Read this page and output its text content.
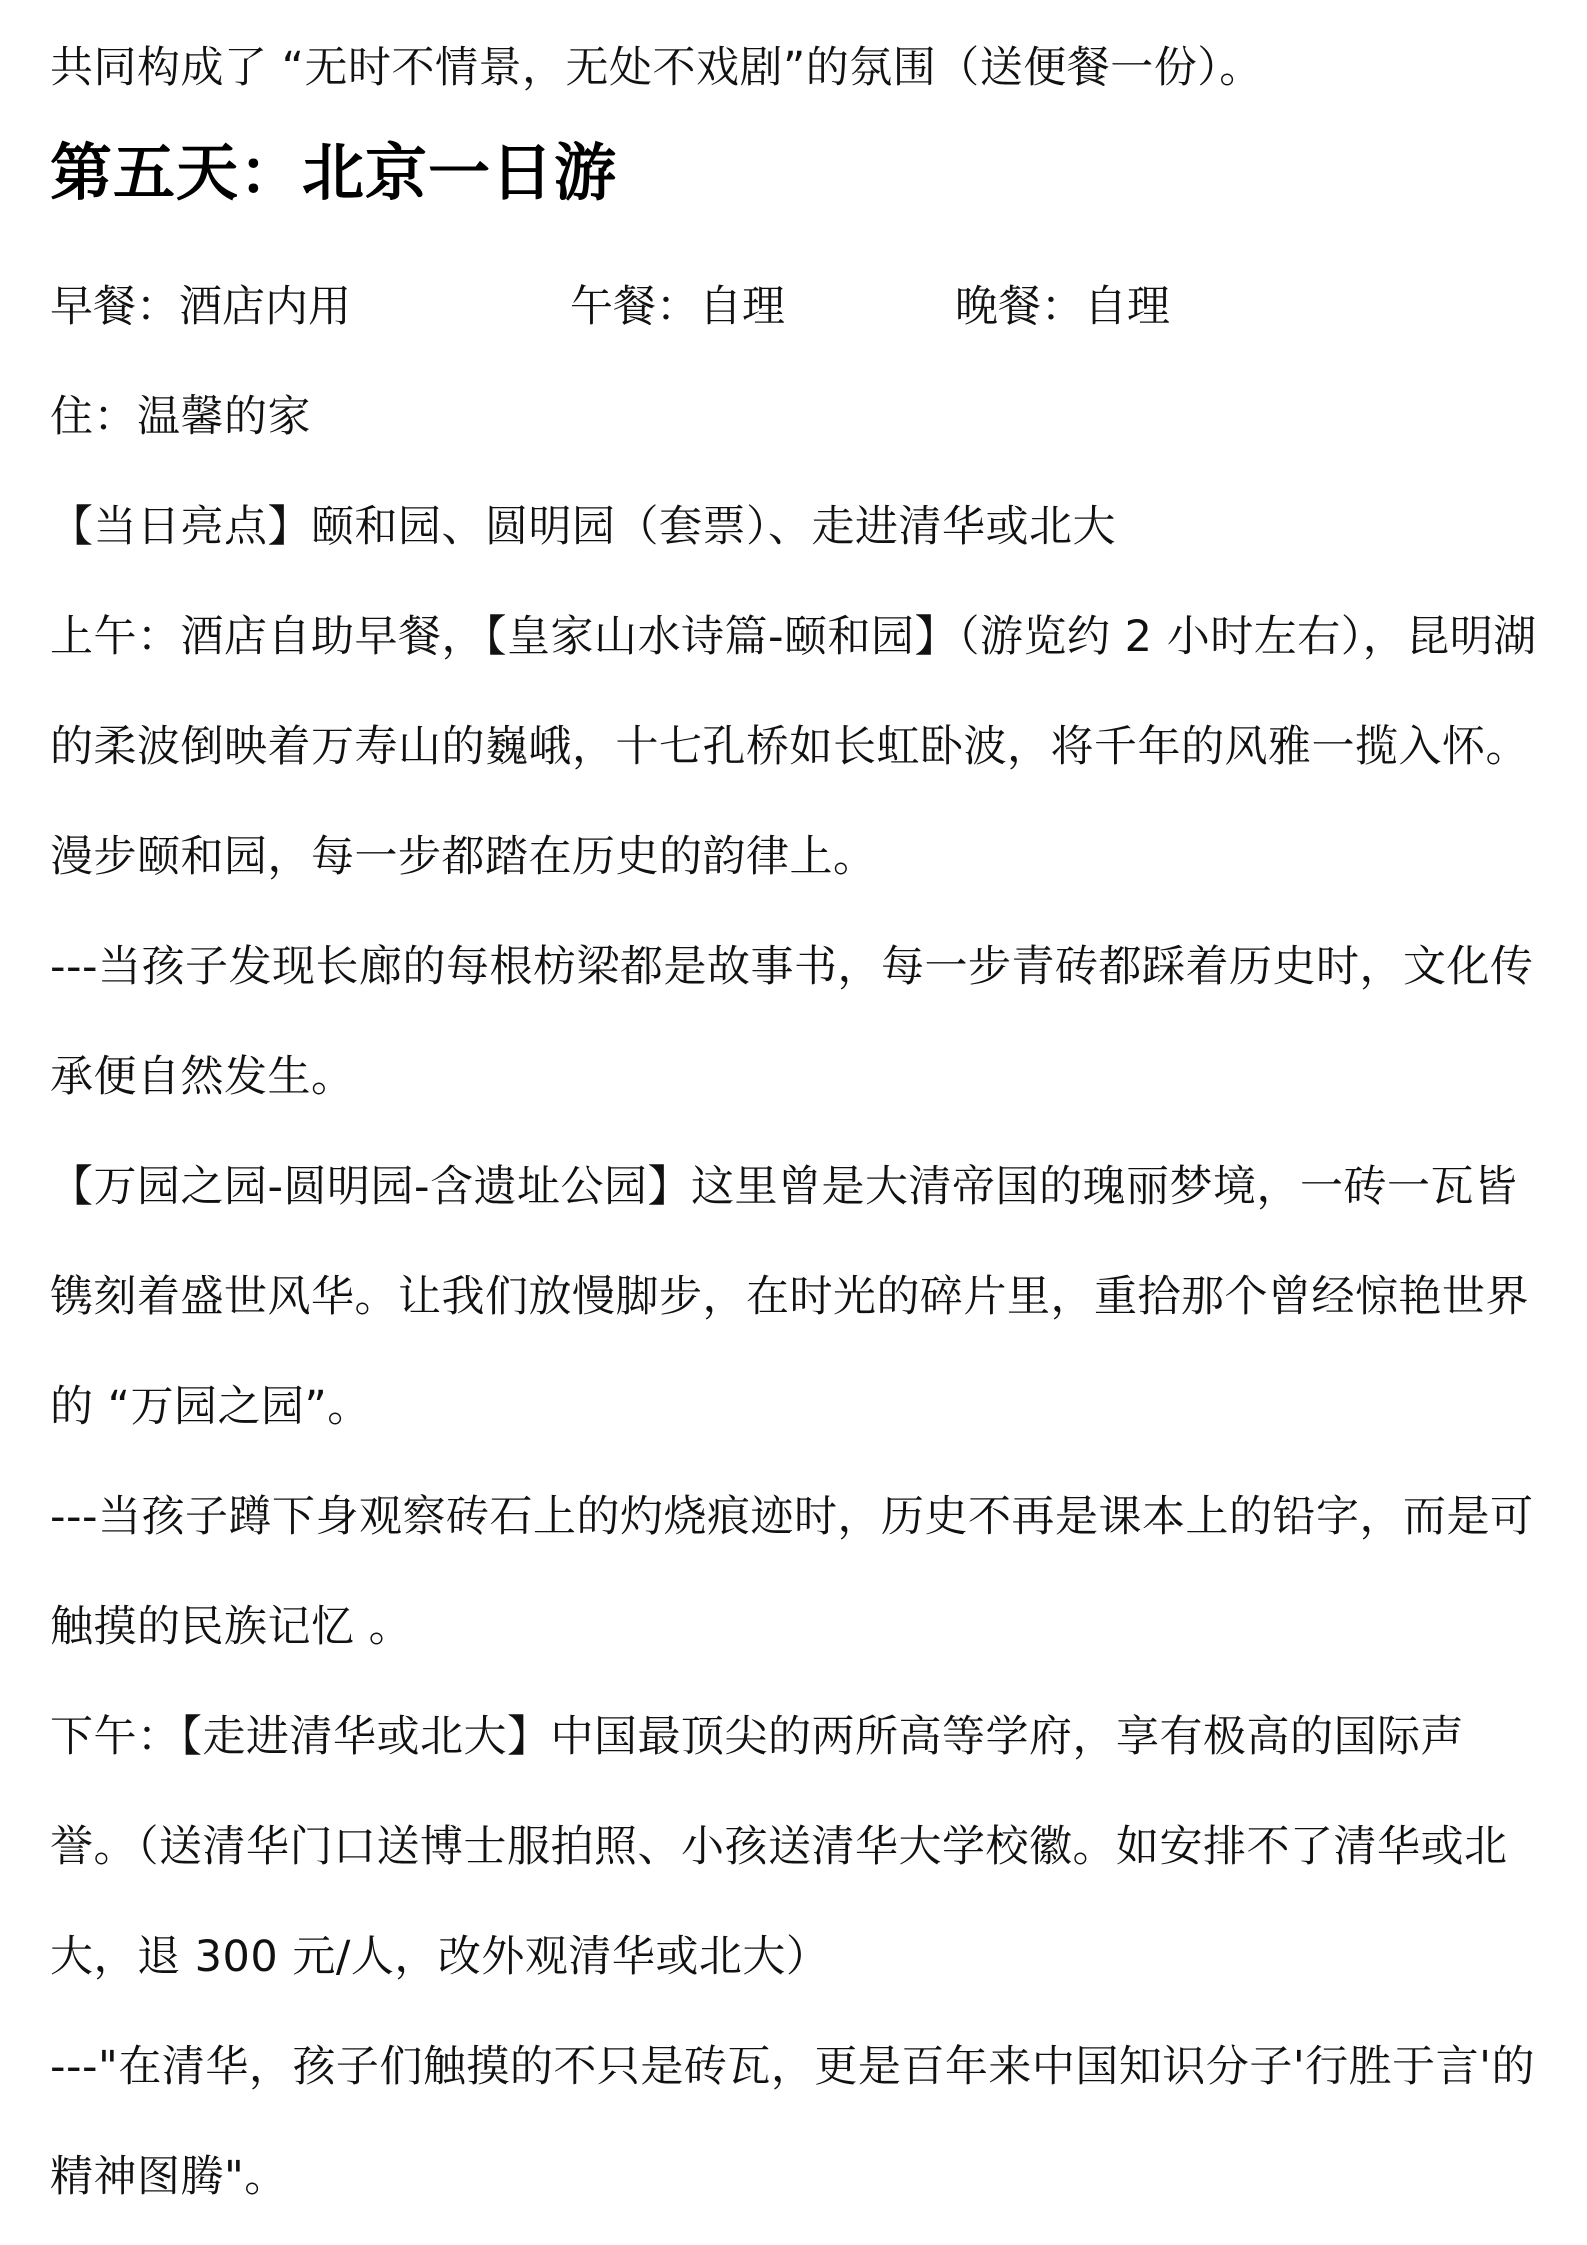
共同构成了 “无时不情景，无处不戏剧”的氛围（送便餐一份）。

第五天：北京一日游
早餐：酒店内用	午餐：自理	晚餐：自理

住：温馨的家

【当日亮点】颐和园、圆明园（套票）、走进清华或北大

上午：酒店自助早餐，【皇家山水诗篇-颐和园】（游览约 2 小时左右），昆明湖的柔波倒映着万寿山的巍峨，十七孔桥如长虹卧波，将千年的风雅一揽入怀。漫步颐和园，每一步都踏在历史的韵律上。

---当孩子发现长廊的每根枋梁都是故事书，每一步青砖都踩着历史时，文化传承便自然发生。

【万园之园-圆明园-含遗址公园】这里曾是大清帝国的瑰丽梦境，一砖一瓦皆镌刻着盛世风华。让我们放慢脚步，在时光的碎片里，重拾那个曾经惊艳世界的 “万园之园”。

---当孩子蹲下身观察砖石上的灼烧痕迹时，历史不再是课本上的铅字，而是可触摸的民族记忆 。

下午：【走进清华或北大】中国最顶尖的两所高等学府，享有极高的国际声誉。（送清华门口送博士服拍照、小孩送清华大学校徽。如安排不了清华或北大，退 300 元/人，改外观清华或北大）

---"在清华，孩子们触摸的不只是砖瓦，更是百年来中国知识分子'行胜于言'的精神图腾"。
